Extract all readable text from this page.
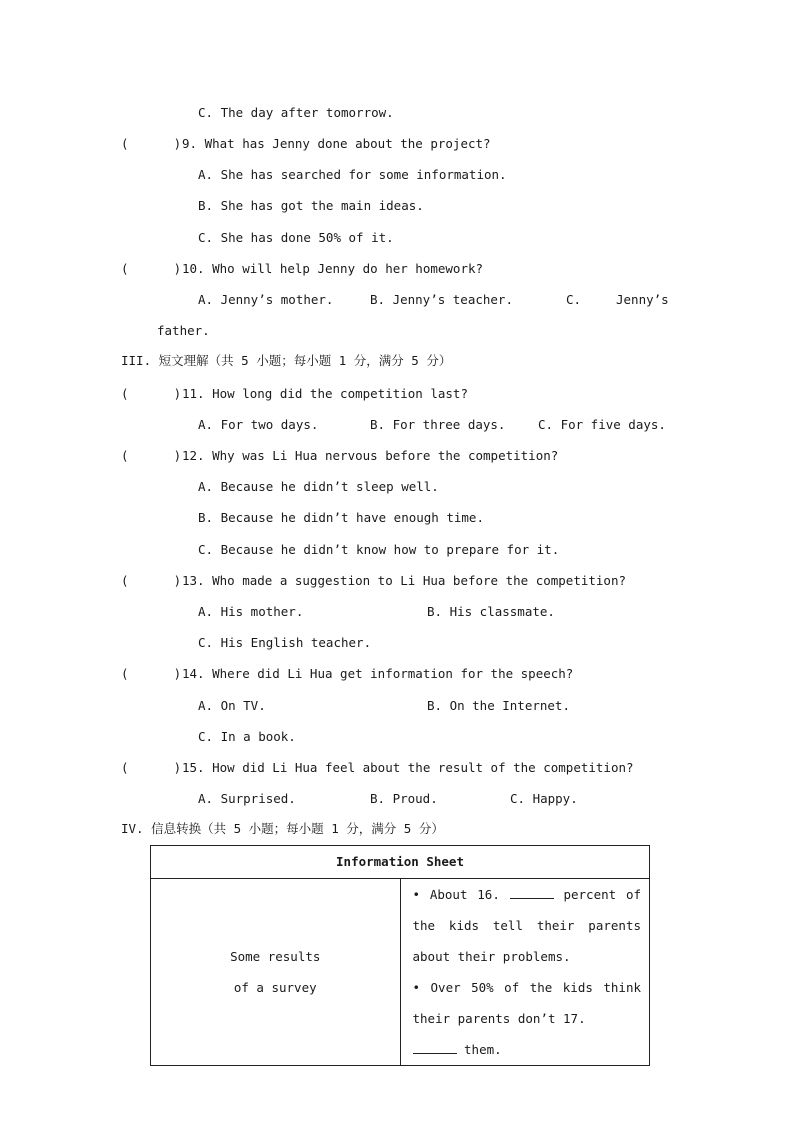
C. The day after tomorrow.
(      ) 9. What has Jenny done about the project?
A. She has searched for some information.
B. She has got the main ideas.
C. She has done 50% of it.
(      ) 10. Who will help Jenny do her homework?
A. Jenny’s mother.	B. Jenny’s teacher.	C.	Jenny’s
father.
III. 短文理解（共 5 小题；每小题 1 分，满分 5 分）
(      ) 11. How long did the competition last?
A. For two days.	B. For three days.	C. For five days.
(      ) 12. Why was Li Hua nervous before the competition?
A. Because he didn’t sleep well.
B. Because he didn’t have enough time.
C. Because he didn’t know how to prepare for it.
(      ) 13. Who made a suggestion to Li Hua before the competition?
A. His mother.	B. His classmate.
C. His English teacher.
(      ) 14. Where did Li Hua get information for the speech?
A. On TV.	B. On the Internet.
C. In a book.
(      ) 15. How did Li Hua feel about the result of the competition?
A. Surprised.	B. Proud.	C. Happy.
IV. 信息转换（共 5 小题；每小题 1 分，满分 5 分）
Information Sheet

Some results
of a survey

• About 16.	percent of the kids tell their parents about their problems.
• Over 50% of the kids think their parents don’t 17.
them.
